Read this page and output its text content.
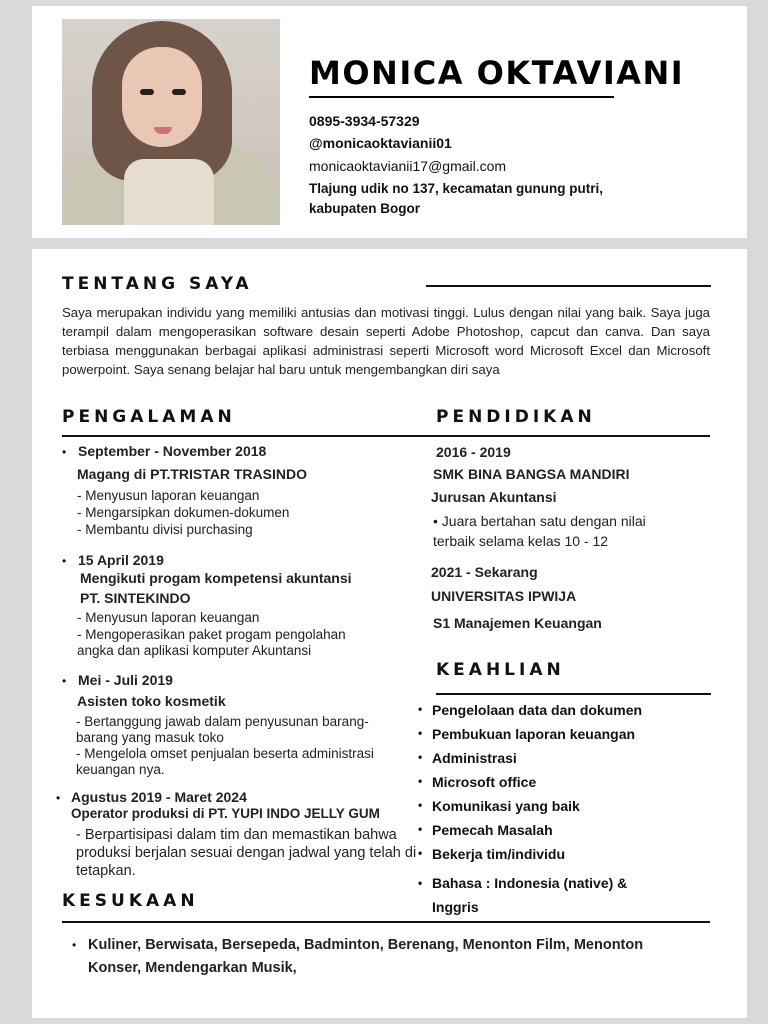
MONICA OKTAVIANI
0895-3934-57329
@monicaoktavianii01
monicaoktavianii17@gmail.com
Tlajung udik no 137, kecamatan gunung putri, kabupaten Bogor
TENTANG SAYA
Saya merupakan individu yang memiliki antusias dan motivasi tinggi. Lulus dengan nilai yang baik. Saya juga terampil dalam mengoperasikan software desain seperti Adobe Photoshop, capcut dan canva. Dan saya terbiasa menggunakan berbagai aplikasi administrasi seperti Microsoft word Microsoft Excel dan Microsoft powerpoint. Saya senang belajar hal baru untuk mengembangkan diri saya
PENGALAMAN
• September - November 2018
Magang di PT.TRISTAR TRASINDO
- Menyusun laporan keuangan
- Mengarsipkan dokumen-dokumen
- Membantu divisi purchasing
• 15 April 2019
Mengikuti progam kompetensi akuntansi
PT. SINTEKINDO
- Menyusun laporan keuangan
- Mengoperasikan paket progam pengolahan angka dan aplikasi komputer Akuntansi
• Mei - Juli 2019
Asisten toko kosmetik
- Bertanggung jawab dalam penyusunan barang-barang yang masuk toko
- Mengelola omset penjualan beserta administrasi keuangan nya.
• Agustus 2019 - Maret 2024
Operator produksi di PT. YUPI INDO JELLY GUM
- Berpartisipasi dalam tim dan memastikan bahwa produksi berjalan sesuai dengan jadwal yang telah di tetapkan.
PENDIDIKAN
2016 - 2019
SMK BINA BANGSA MANDIRI
Jurusan Akuntansi
• Juara bertahan satu dengan nilai terbaik selama kelas 10 - 12
2021 - Sekarang
UNIVERSITAS IPWIJA
S1 Manajemen Keuangan
KEAHLIAN
• Pengelolaan data dan dokumen
• Pembukuan laporan keuangan
• Administrasi
• Microsoft office
• Komunikasi yang baik
• Pemecah Masalah
• Bekerja tim/individu
• Bahasa : Indonesia (native) & Inggris
KESUKAAN
• Kuliner, Berwisata, Bersepeda, Badminton, Berenang, Menonton Film, Menonton Konser, Mendengarkan Musik,
